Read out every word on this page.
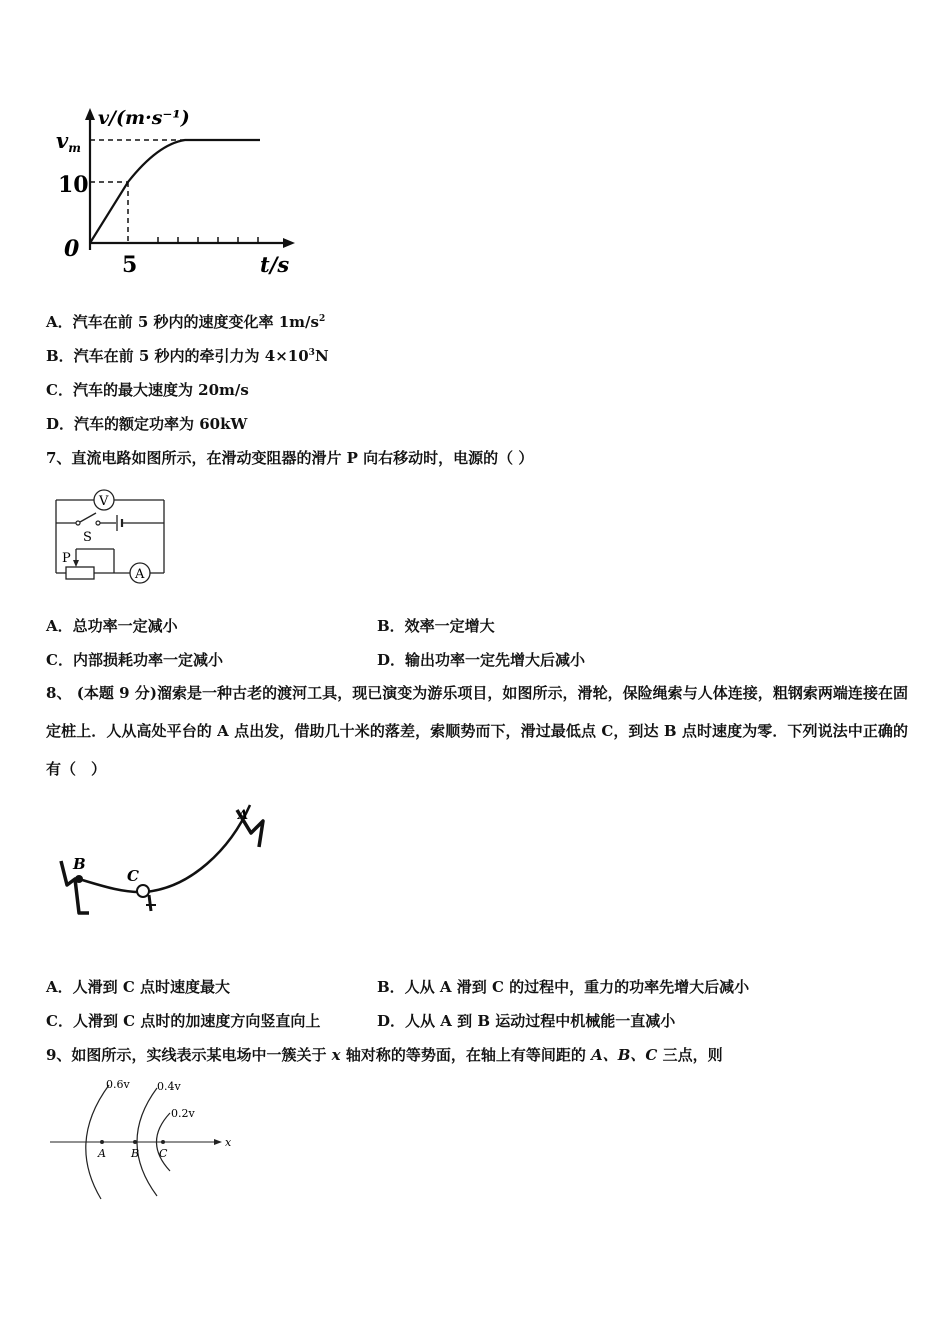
v/(m·s⁻¹)
vm
10
0
5	t/s
A．汽车在前 5 秒内的速度变化率 $1m/s^2$
B．汽车在前 5 秒内的牵引力为 $4\times 10^3N$
C．汽车的最大速度为 20m/s
D．汽车的额定功率为 60kW
7、直流电路如图所示，在滑动变阻器的滑片 P 向右移动时，电源的（ ）
V
S
P
A
A．总功率一定减小	B．效率一定增大
C．内部损耗功率一定减小	D．输出功率一定先增大后减小
8、 (本题 9 分)溜索是一种古老的渡河工具，现已演变为游乐项目，如图所示，滑轮，保险绳索与人体连接，粗钢索两端连接在固定桩上．人从高处平台的 A 点出发，借助几十米的落差，索顺势而下，滑过最低点 C，到达 B 点时速度为零．下列说法中正确的有（　）
B
C
A
A．人滑到 C 点时速度最大	B．人从 A 滑到 C 的过程中，重力的功率先增大后减小
C．人滑到 C 点时的加速度方向竖直向上	D．人从 A 到 B 运动过程中机械能一直减小
9、如图所示，实线表示某电场中一簇关于 x 轴对称的等势面，在轴上有等间距的 A、B、C 三点，则
x
0.6v 0.4v
0.2v
A B C
